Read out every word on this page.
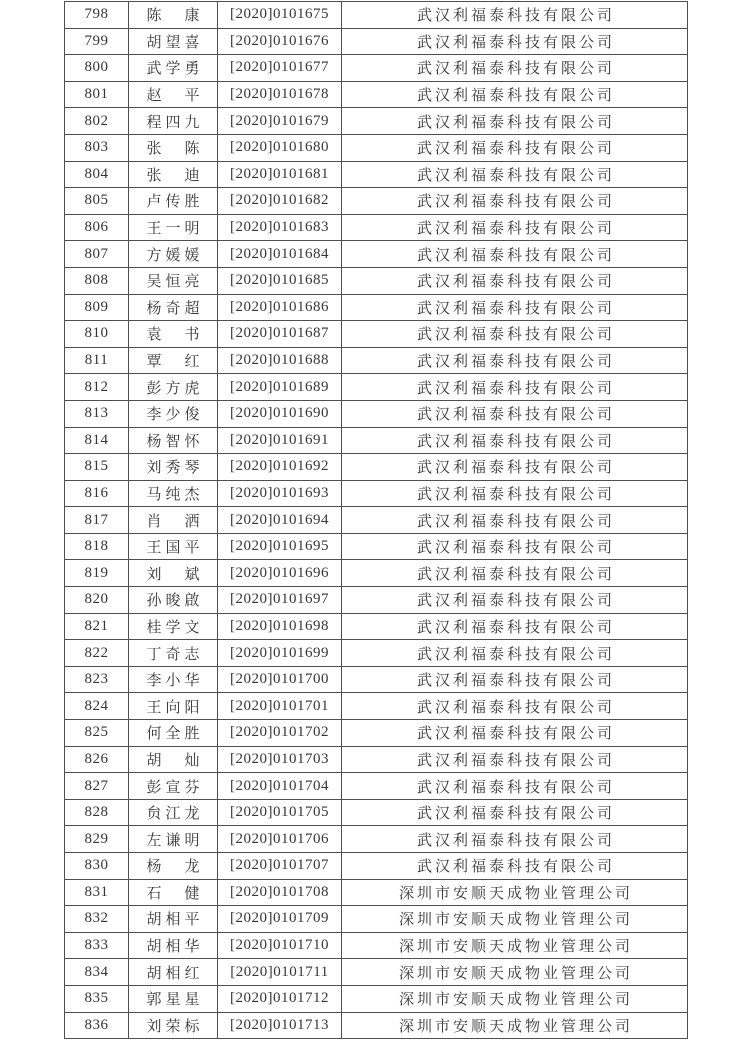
798	陈　康	[2020]0101675	武汉利福泰科技有限公司
799	胡望喜	[2020]0101676	武汉利福泰科技有限公司
800	武学勇	[2020]0101677	武汉利福泰科技有限公司
801	赵　平	[2020]0101678	武汉利福泰科技有限公司
802	程四九	[2020]0101679	武汉利福泰科技有限公司
803	张　陈	[2020]0101680	武汉利福泰科技有限公司
804	张　迪	[2020]0101681	武汉利福泰科技有限公司
805	卢传胜	[2020]0101682	武汉利福泰科技有限公司
806	王一明	[2020]0101683	武汉利福泰科技有限公司
807	方媛媛	[2020]0101684	武汉利福泰科技有限公司
808	吴恒亮	[2020]0101685	武汉利福泰科技有限公司
809	杨奇超	[2020]0101686	武汉利福泰科技有限公司
810	袁　书	[2020]0101687	武汉利福泰科技有限公司
811	覃　红	[2020]0101688	武汉利福泰科技有限公司
812	彭方虎	[2020]0101689	武汉利福泰科技有限公司
813	李少俊	[2020]0101690	武汉利福泰科技有限公司
814	杨智怀	[2020]0101691	武汉利福泰科技有限公司
815	刘秀琴	[2020]0101692	武汉利福泰科技有限公司
816	马纯杰	[2020]0101693	武汉利福泰科技有限公司
817	肖　洒	[2020]0101694	武汉利福泰科技有限公司
818	王国平	[2020]0101695	武汉利福泰科技有限公司
819	刘　斌	[2020]0101696	武汉利福泰科技有限公司
820	孙晙啟	[2020]0101697	武汉利福泰科技有限公司
821	桂学文	[2020]0101698	武汉利福泰科技有限公司
822	丁奇志	[2020]0101699	武汉利福泰科技有限公司
823	李小华	[2020]0101700	武汉利福泰科技有限公司
824	王向阳	[2020]0101701	武汉利福泰科技有限公司
825	何全胜	[2020]0101702	武汉利福泰科技有限公司
826	胡　灿	[2020]0101703	武汉利福泰科技有限公司
827	彭宣芬	[2020]0101704	武汉利福泰科技有限公司
828	贠江龙	[2020]0101705	武汉利福泰科技有限公司
829	左谦明	[2020]0101706	武汉利福泰科技有限公司
830	杨　龙	[2020]0101707	武汉利福泰科技有限公司
831	石　健	[2020]0101708	深圳市安顺天成物业管理公司
832	胡相平	[2020]0101709	深圳市安顺天成物业管理公司
833	胡相华	[2020]0101710	深圳市安顺天成物业管理公司
834	胡相红	[2020]0101711	深圳市安顺天成物业管理公司
835	郭星星	[2020]0101712	深圳市安顺天成物业管理公司
836	刘荣标	[2020]0101713	深圳市安顺天成物业管理公司
